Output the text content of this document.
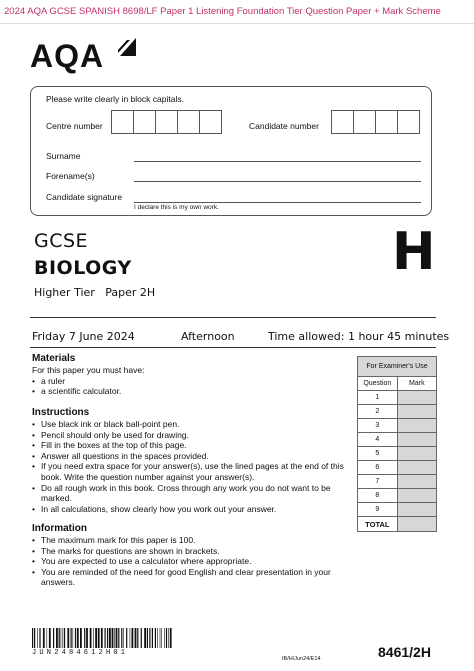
2024 AQA GCSE SPANISH 8698/LF Paper 1 Listening Foundation Tier Question Paper + Mark Scheme
AQA
Please write clearly in block capitals.
Centre number	Candidate number
Surname
Forename(s)
Candidate signature
I declare this is my own work.
GCSE
BIOLOGY
Higher Tier   Paper 2H
H
Friday 7 June 2024	Afternoon	Time allowed: 1 hour 45 minutes
Materials
For this paper you must have:
• a ruler
• a scientific calculator.
Instructions
• Use black ink or black ball-point pen.
• Pencil should only be used for drawing.
• Fill in the boxes at the top of this page.
• Answer all questions in the spaces provided.
• If you need extra space for your answer(s), use the lined pages at the end of this book. Write the question number against your answer(s).
• Do all rough work in this book. Cross through any work you do not want to be marked.
• In all calculations, show clearly how you work out your answer.
Information
• The maximum mark for this paper is 100.
• The marks for questions are shown in brackets.
• You are expected to use a calculator where appropriate.
• You are reminded of the need for good English and clear presentation in your answers.
For Examiner's Use	
Question	Mark
1	
2	
3	
4	
5	
6	
7	
8	
9	
TOTAL	
JUN2484612H01
IB/H/Jun24/E14	8461/2H
